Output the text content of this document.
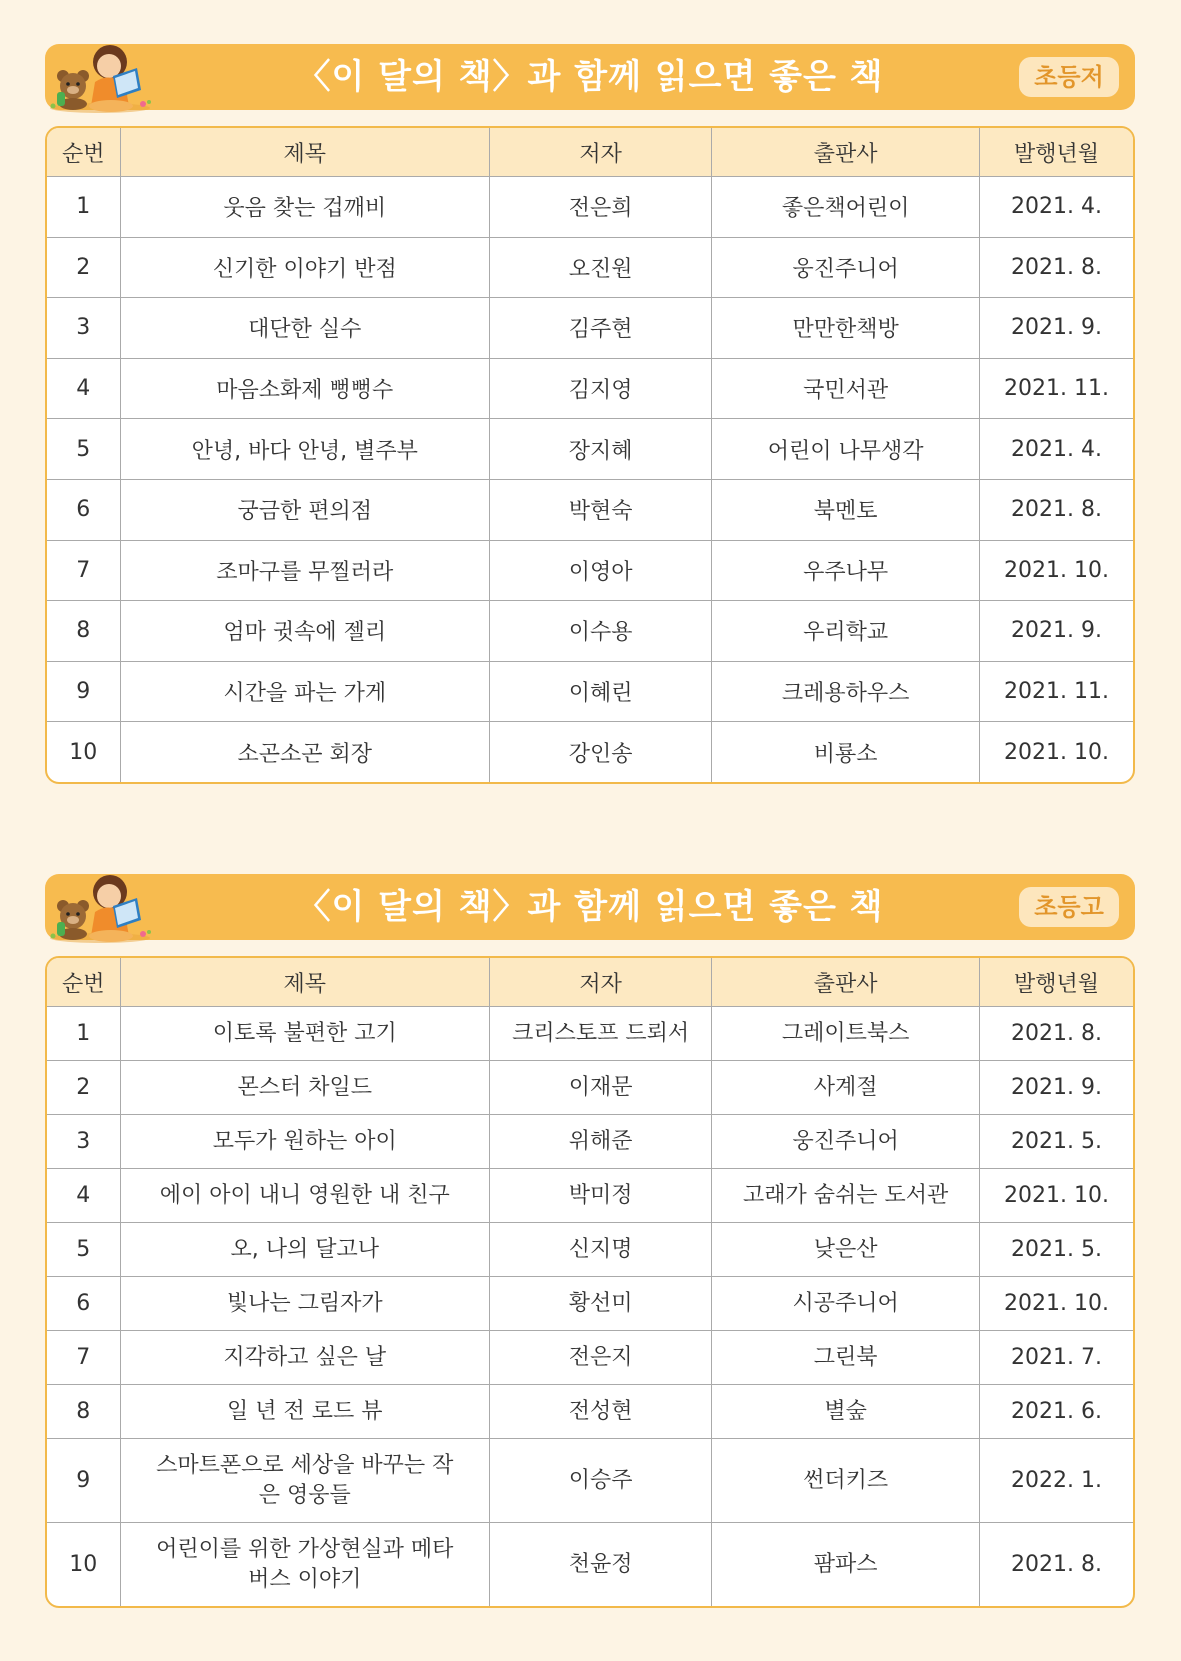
〈이 달의 책〉과 함께 읽으면 좋은 책	초등저
순번	제목	저자	출판사	발행년월
1	웃음 찾는 겁깨비	전은희	좋은책어린이	2021. 4.
2	신기한 이야기 반점	오진원	웅진주니어	2021. 8.
3	대단한 실수	김주현	만만한책방	2021. 9.
4	마음소화제 뻥뻥수	김지영	국민서관	2021. 11.
5	안녕, 바다 안녕, 별주부	장지혜	어린이 나무생각	2021. 4.
6	궁금한 편의점	박현숙	북멘토	2021. 8.
7	조마구를 무찔러라	이영아	우주나무	2021. 10.
8	엄마 귓속에 젤리	이수용	우리학교	2021. 9.
9	시간을 파는 가게	이혜린	크레용하우스	2021. 11.
10	소곤소곤 회장	강인송	비룡소	2021. 10.
〈이 달의 책〉과 함께 읽으면 좋은 책	초등고
순번	제목	저자	출판사	발행년월
1	이토록 불편한 고기	크리스토프 드뢰서	그레이트북스	2021. 8.
2	몬스터 차일드	이재문	사계절	2021. 9.
3	모두가 원하는 아이	위해준	웅진주니어	2021. 5.
4	에이 아이 내니 영원한 내 친구	박미정	고래가 숨쉬는 도서관	2021. 10.
5	오, 나의 달고나	신지명	낮은산	2021. 5.
6	빛나는 그림자가	황선미	시공주니어	2021. 10.
7	지각하고 싶은 날	전은지	그린북	2021. 7.
8	일 년 전 로드 뷰	전성현	별숲	2021. 6.
9	스마트폰으로 세상을 바꾸는 작은 영웅들	이승주	썬더키즈	2022. 1.
10	어린이를 위한 가상현실과 메타버스 이야기	천윤정	팜파스	2021. 8.
